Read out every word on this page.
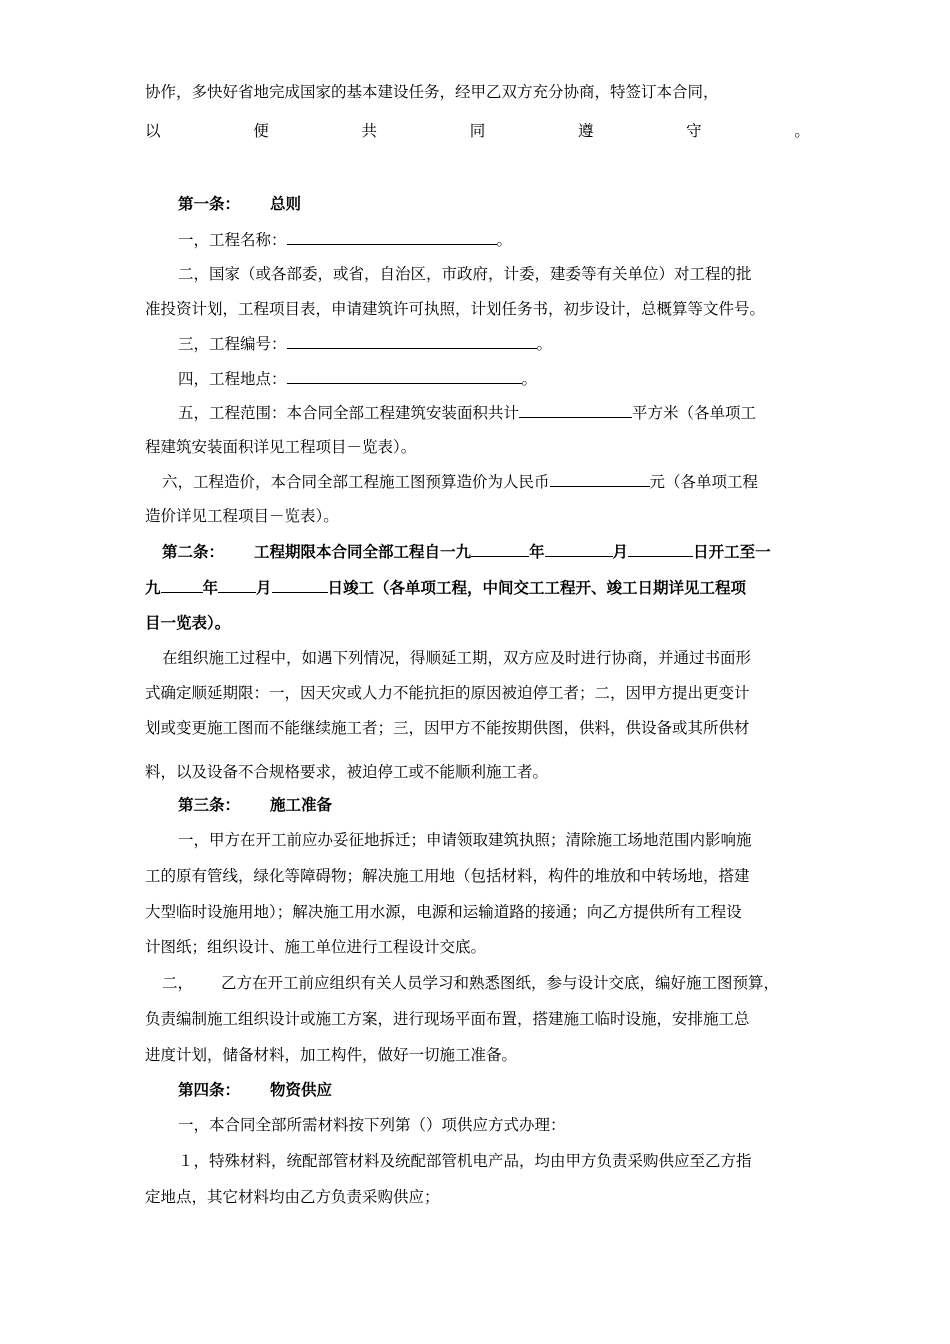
协作，多快好省地完成国家的基本建设任务，经甲乙双方充分协商，特签订本合同，
以	便	共	同	遵	守	。
第一条： 总则
一，工程名称：	。
二，国家（或各部委，或省，自治区，市政府，计委，建委等有关单位）对工程的批
准投资计划，工程项目表，申请建筑许可执照，计划任务书，初步设计，总概算等文件号。
三，工程编号：	。
四，工程地点：	。
五，工程范围：本合同全部工程建筑安装面积共计	平方米（各单项工
程建筑安装面积详见工程项目－览表）。
六，工程造价，本合同全部工程施工图预算造价为人民币	元（各单项工程
造价详见工程项目－览表）。
第二条： 工程期限本合同全部工程自一九	年	月	日开工至一
九	年 月	日竣工（各单项工程，中间交工工程开、竣工日期详见工程项
目一览表）。
在组织施工过程中，如遇下列情况，得顺延工期，双方应及时进行协商，并通过书面形
式确定顺延期限：一，因天灾或人力不能抗拒的原因被迫停工者；二，因甲方提出更变计
划或变更施工图而不能继续施工者；三，因甲方不能按期供图，供料，供设备或其所供材
料，以及设备不合规格要求，被迫停工或不能顺利施工者。
第三条： 施工准备
一，甲方在开工前应办妥征地拆迁；申请领取建筑执照；清除施工场地范围内影响施
工的原有管线，绿化等障碍物；解决施工用地（包括材料，构件的堆放和中转场地，搭建
大型临时设施用地）；解决施工用水源，电源和运输道路的接通；向乙方提供所有工程设
计图纸；组织设计、施工单位进行工程设计交底。
二， 乙方在开工前应组织有关人员学习和熟悉图纸，参与设计交底，编好施工图预算，
负责编制施工组织设计或施工方案，进行现场平面布置，搭建施工临时设施，安排施工总
进度计划，储备材料，加工构件，做好一切施工准备。
第四条： 物资供应
一，本合同全部所需材料按下列第（）项供应方式办理：
１，特殊材料，统配部管材料及统配部管机电产品，均由甲方负责采购供应至乙方指
定地点，其它材料均由乙方负责采购供应；
